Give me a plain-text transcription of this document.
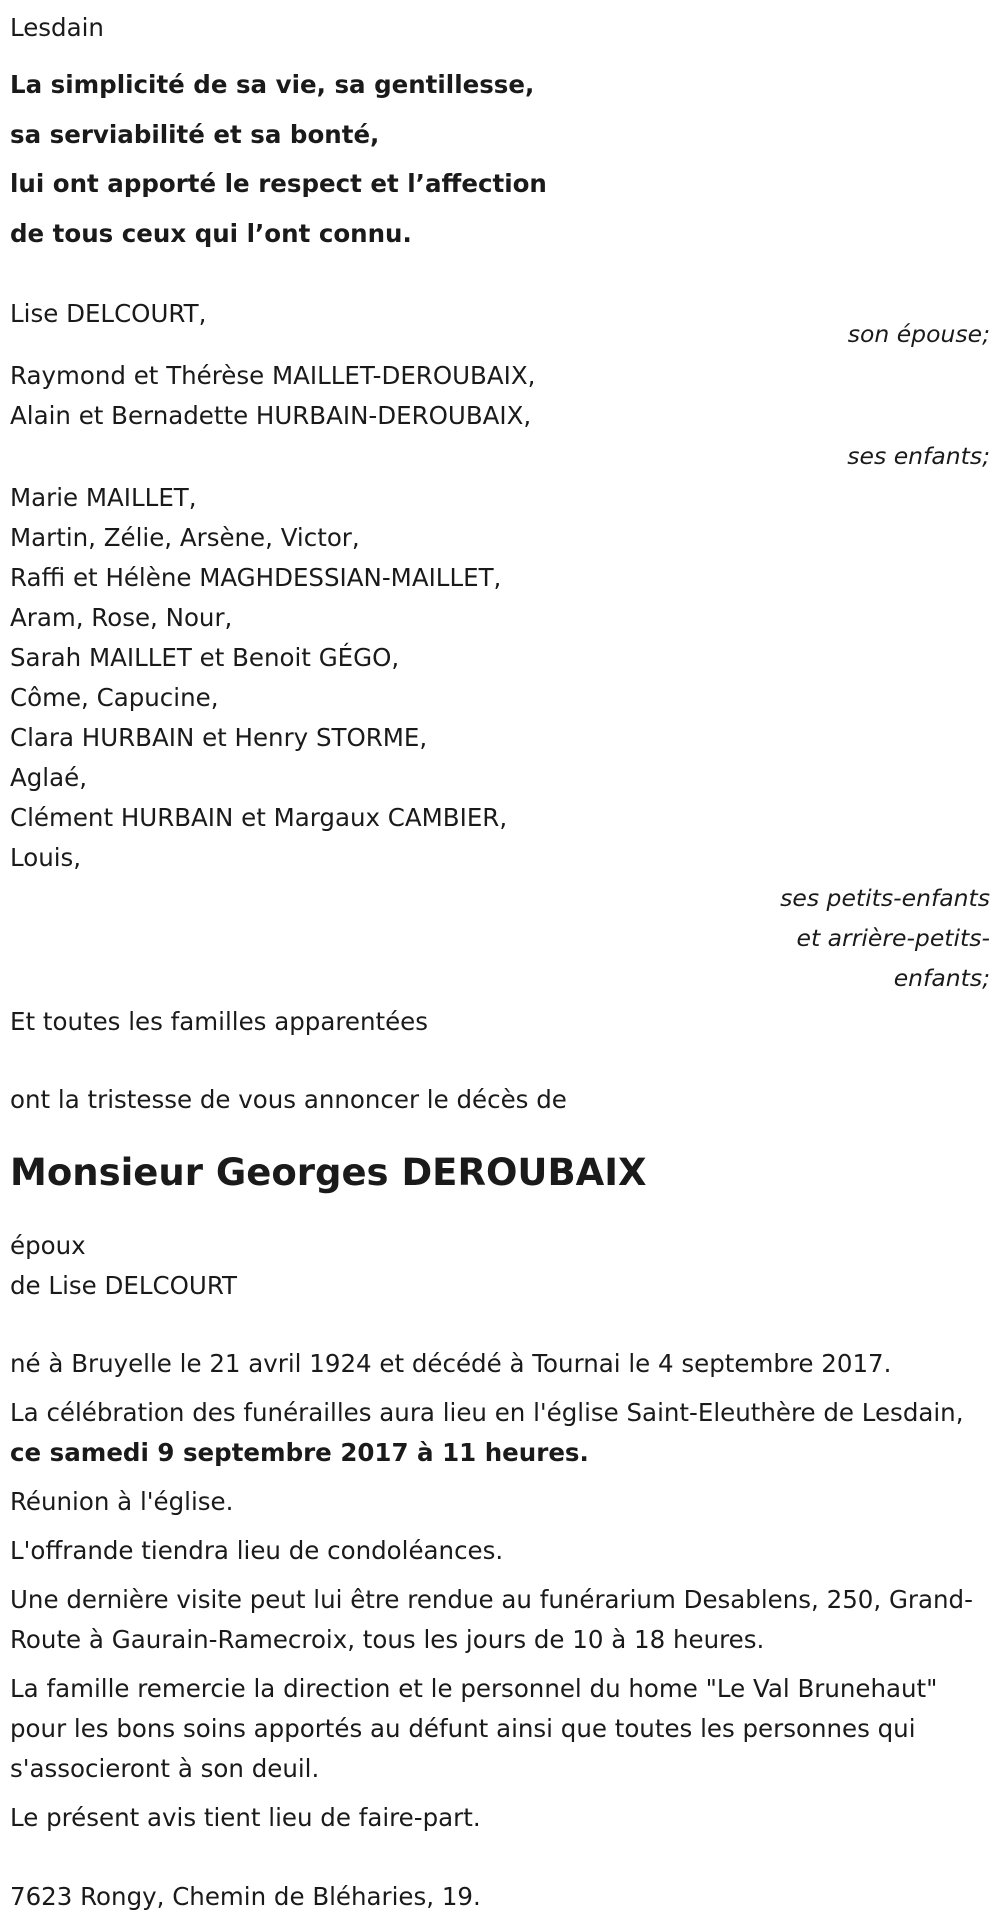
Lesdain

La simplicité de sa vie, sa gentillesse,

sa serviabilité et sa bonté,

lui ont apporté le respect et l’affection

de tous ceux qui l’ont connu.

Lise DELCOURT,

son épouse;

Raymond et Thérèse MAILLET-DEROUBAIX,

Alain et Bernadette HURBAIN-DEROUBAIX,

ses enfants;

Marie MAILLET,

Martin, Zélie, Arsène, Victor,

Raffi et Hélène MAGHDESSIAN-MAILLET,

Aram, Rose, Nour,

Sarah MAILLET et Benoit GÉGO,

Côme, Capucine,

Clara HURBAIN et Henry STORME,

Aglaé,

Clément HURBAIN et Margaux CAMBIER,

Louis,

ses petits-enfants
et arrière-petits-
enfants;

Et toutes les familles apparentées

ont la tristesse de vous annoncer le décès de

Monsieur Georges DEROUBAIX

époux

de Lise DELCOURT

né à Bruyelle le 21 avril 1924 et décédé à Tournai le 4 septembre 2017.

La célébration des funérailles aura lieu en l'église Saint-Eleuthère de Lesdain, ce samedi 9 septembre 2017 à 11 heures.

Réunion à l'église.

L'offrande tiendra lieu de condoléances.

Une dernière visite peut lui être rendue au funérarium Desablens, 250, Grand-Route à Gaurain-Ramecroix, tous les jours de 10 à 18 heures.

La famille remercie la direction et le personnel du home "Le Val Brunehaut" pour les bons soins apportés au défunt ainsi que toutes les personnes qui s'associeront à son deuil.

Le présent avis tient lieu de faire-part.

7623 Rongy, Chemin de Bléharies, 19.
